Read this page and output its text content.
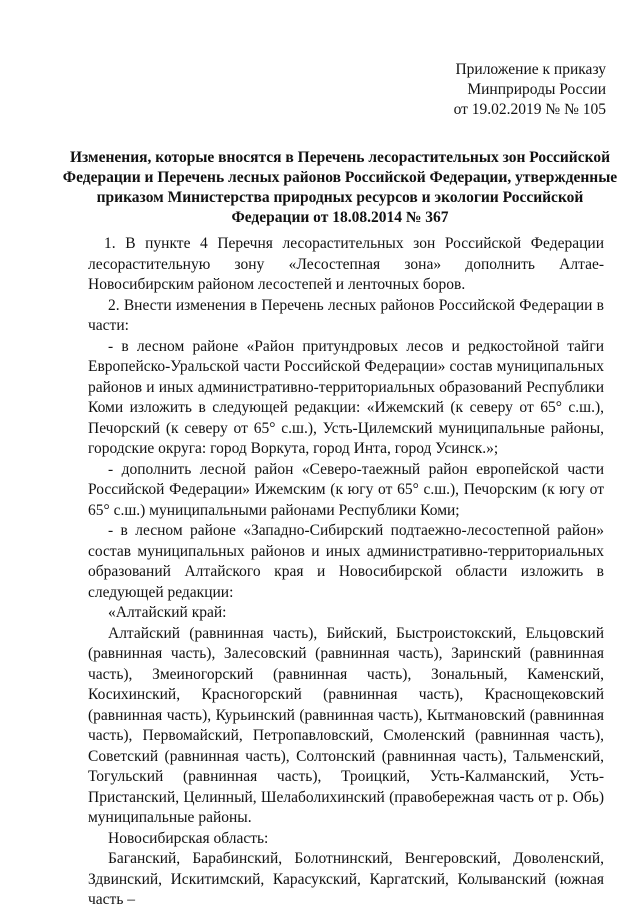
Приложение к приказу
Минприроды России
от 19.02.2019 № № 105
Изменения, которые вносятся в Перечень лесорастительных зон Российской Федерации и Перечень лесных районов Российской Федерации, утвержденные приказом Министерства природных ресурсов и экологии Российской Федерации от 18.08.2014 № 367

1. В пункте 4 Перечня лесорастительных зон Российской Федерации лесорастительную зону «Лесостепная зона» дополнить Алтае-Новосибирским районом лесостепей и ленточных боров.

2. Внести изменения в Перечень лесных районов Российской Федерации в части:

- в лесном районе «Район притундровых лесов и редкостойной тайги Европейско-Уральской части Российской Федерации» состав муниципальных районов и иных административно-территориальных образований Республики Коми изложить в следующей редакции: «Ижемский (к северу от 65° с.ш.), Печорский (к северу от 65° с.ш.), Усть-Цилемский муниципальные районы, городские округа: город Воркута, город Инта, город Усинск.»;

- дополнить лесной район «Северо-таежный район европейской части Российской Федерации» Ижемским (к югу от 65° с.ш.), Печорским (к югу от 65° с.ш.) муниципальными районами Республики Коми;

- в лесном районе «Западно-Сибирский подтаежно-лесостепной район» состав муниципальных районов и иных административно-территориальных образований Алтайского края и Новосибирской области изложить в следующей редакции:

«Алтайский край:

Алтайский (равнинная часть), Бийский, Быстроистокский, Ельцовский (равнинная часть), Залесовский (равнинная часть), Заринский (равнинная часть), Змеиногорский (равнинная часть), Зональный, Каменский, Косихинский, Красногорский (равнинная часть), Краснощековский (равнинная часть), Курьинский (равнинная часть), Кытмановский (равнинная часть), Первомайский, Петропавловский, Смоленский (равнинная часть), Советский (равнинная часть), Солтонский (равнинная часть), Тальменский, Тогульский (равнинная часть), Троицкий, Усть-Калманский, Усть-Пристанский, Целинный, Шелаболихинский (правобережная часть от р. Обь) муниципальные районы.

Новосибирская область:

Баганский, Барабинский, Болотнинский, Венгеровский, Доволенский, Здвинский, Искитимский, Карасукский, Каргатский, Колыванский (южная часть –
